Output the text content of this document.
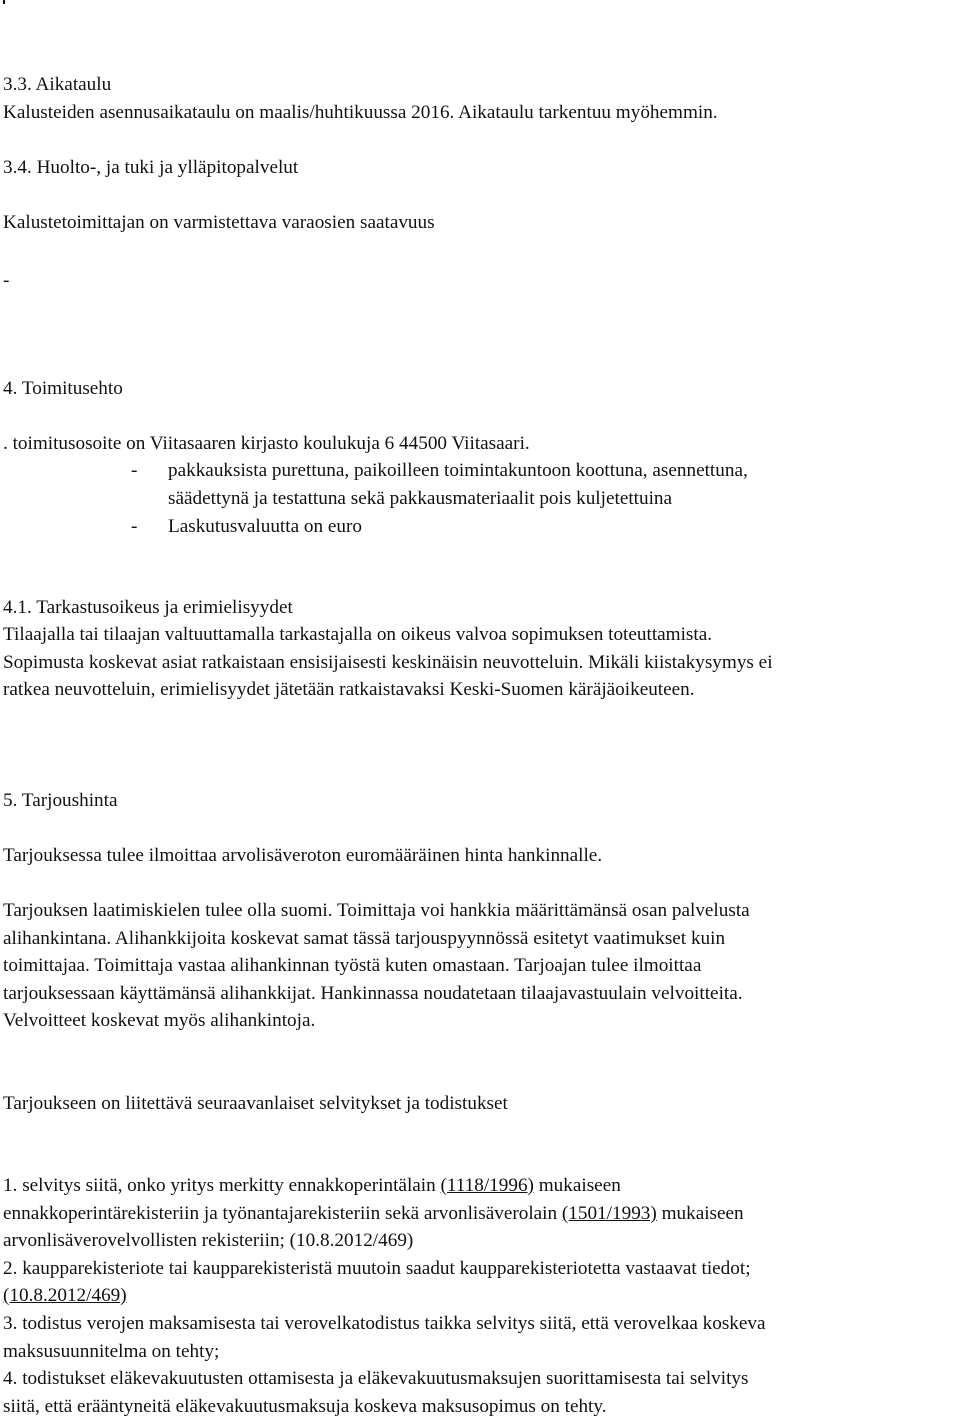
3.3. Aikataulu
Kalusteiden asennusaikataulu on maalis/huhtikuussa 2016. Aikataulu tarkentuu myöhemmin.
3.4. Huolto-, ja tuki ja ylläpitopalvelut
Kalustetoimittajan on varmistettava varaosien saatavuus
-
4. Toimitusehto
. toimitusosoite on Viitasaaren kirjasto koulukuja 6 44500 Viitasaari.
- pakkauksista purettuna, paikoilleen toimintakuntoon koottuna, asennettuna,
säädettynä ja testattuna sekä pakkausmateriaalit pois kuljetettuina
- Laskutusvaluutta on euro
4.1. Tarkastusoikeus ja erimielisyydet
Tilaajalla tai tilaajan valtuuttamalla tarkastajalla on oikeus valvoa sopimuksen toteuttamista.
Sopimusta koskevat asiat ratkaistaan ensisijaisesti keskinäisin neuvotteluin. Mikäli kiistakysymys ei
ratkea neuvotteluin, erimielisyydet jätetään ratkaistavaksi Keski-Suomen käräjäoikeuteen.
5. Tarjoushinta
Tarjouksessa tulee ilmoittaa arvolisäveroton euromääräinen hinta hankinnalle.
Tarjouksen laatimiskielen tulee olla suomi. Toimittaja voi hankkia määrittämänsä osan palvelusta
alihankintana. Alihankkijoita koskevat samat tässä tarjouspyynnössä esitetyt vaatimukset kuin
toimittajaa. Toimittaja vastaa alihankinnan työstä kuten omastaan. Tarjoajan tulee ilmoittaa
tarjouksessaan käyttämänsä alihankkijat. Hankinnassa noudatetaan tilaajavastuulain velvoitteita.
Velvoitteet koskevat myös alihankintoja.
Tarjoukseen on liitettävä seuraavanlaiset selvitykset ja todistukset
1. selvitys siitä, onko yritys merkitty ennakkoperintälain (1118/1996) mukaiseen
ennakkoperintärekisteriin ja työnantajarekisteriin sekä arvonlisäverolain (1501/1993) mukaiseen
arvonlisäverovelvollisten rekisteriin; (10.8.2012/469)
2. kaupparekisteriote tai kaupparekisteristä muutoin saadut kaupparekisteriotetta vastaavat tiedot;
(10.8.2012/469)
3. todistus verojen maksamisesta tai verovelkatodistus taikka selvitys siitä, että verovelkaa koskeva
maksusuunnitelma on tehty;
4. todistukset eläkevakuutusten ottamisesta ja eläkevakuutusmaksujen suorittamisesta tai selvitys
siitä, että erääntyneitä eläkevakuutusmaksuja koskeva maksusopimus on tehty.
